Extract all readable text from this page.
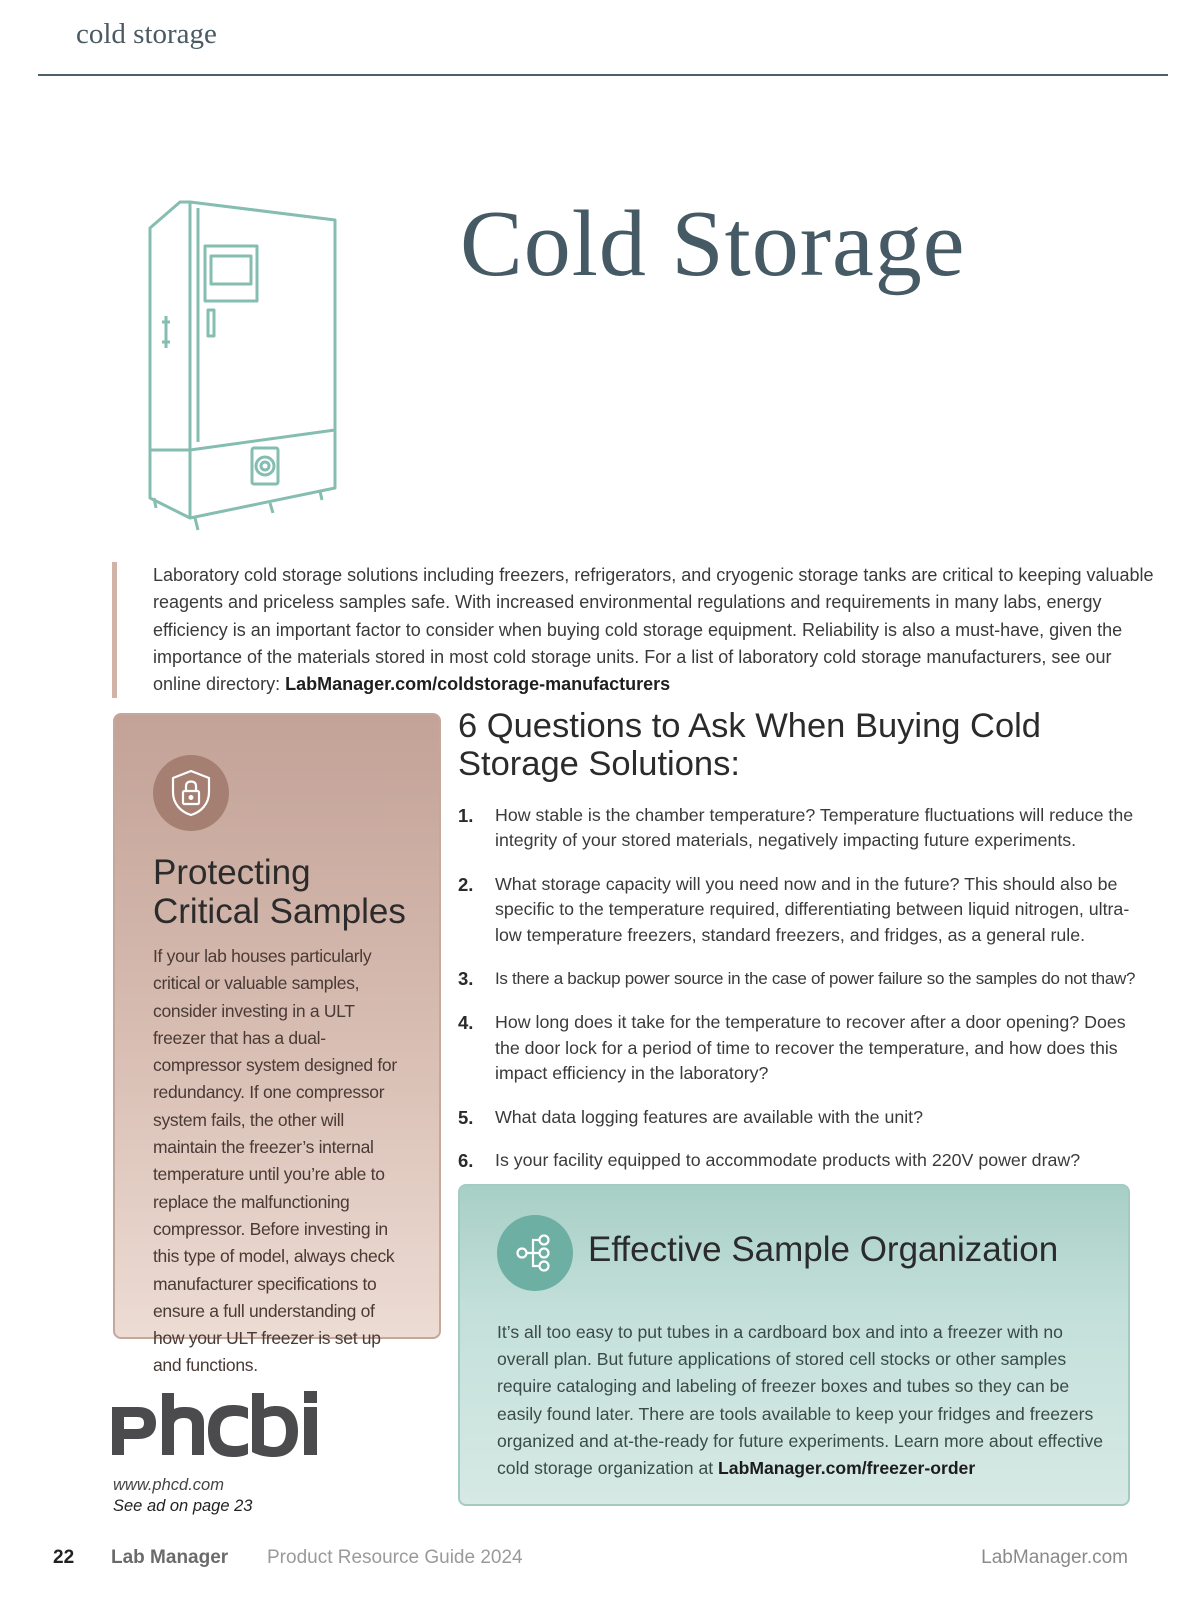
cold storage
Cold Storage
Laboratory cold storage solutions including freezers, refrigerators, and cryogenic storage tanks are critical to keeping valuable reagents and priceless samples safe. With increased environmental regulations and requirements in many labs, energy efficiency is an important factor to consider when buying cold storage equipment. Reliability is also a must-have, given the importance of the materials stored in most cold storage units. For a list of laboratory cold storage manufacturers, see our online directory: LabManager.com/coldstorage-manufacturers
Protecting Critical Samples
If your lab houses particularly critical or valuable samples, consider investing in a ULT freezer that has a dual-compressor system designed for redundancy. If one compressor system fails, the other will maintain the freezer’s internal temperature until you’re able to replace the malfunctioning compressor. Before investing in this type of model, always check manufacturer specifications to ensure a full understanding of how your ULT freezer is set up and functions.
6 Questions to Ask When Buying Cold Storage Solutions:
1.	How stable is the chamber temperature? Temperature fluctuations will reduce the integrity of your stored materials, negatively impacting future experiments.
2.	What storage capacity will you need now and in the future? This should also be specific to the temperature required, differentiating between liquid nitrogen, ultra-low temperature freezers, standard freezers, and fridges, as a general rule.
3.	Is there a backup power source in the case of power failure so the samples do not thaw?
4.	How long does it take for the temperature to recover after a door opening? Does the door lock for a period of time to recover the temperature, and how does this impact efficiency in the laboratory?
5.	What data logging features are available with the unit?
6.	Is your facility equipped to accommodate products with 220V power draw?
Effective Sample Organization
It’s all too easy to put tubes in a cardboard box and into a freezer with no overall plan. But future applications of stored cell stocks or other samples require cataloging and labeling of freezer boxes and tubes so they can be easily found later. There are tools available to keep your fridges and freezers organized and at-the-ready for future experiments. Learn more about effective cold storage organization at LabManager.com/freezer-order
www.phcd.com
See ad on page 23
22 Lab Manager Product Resource Guide 2024	LabManager.com
